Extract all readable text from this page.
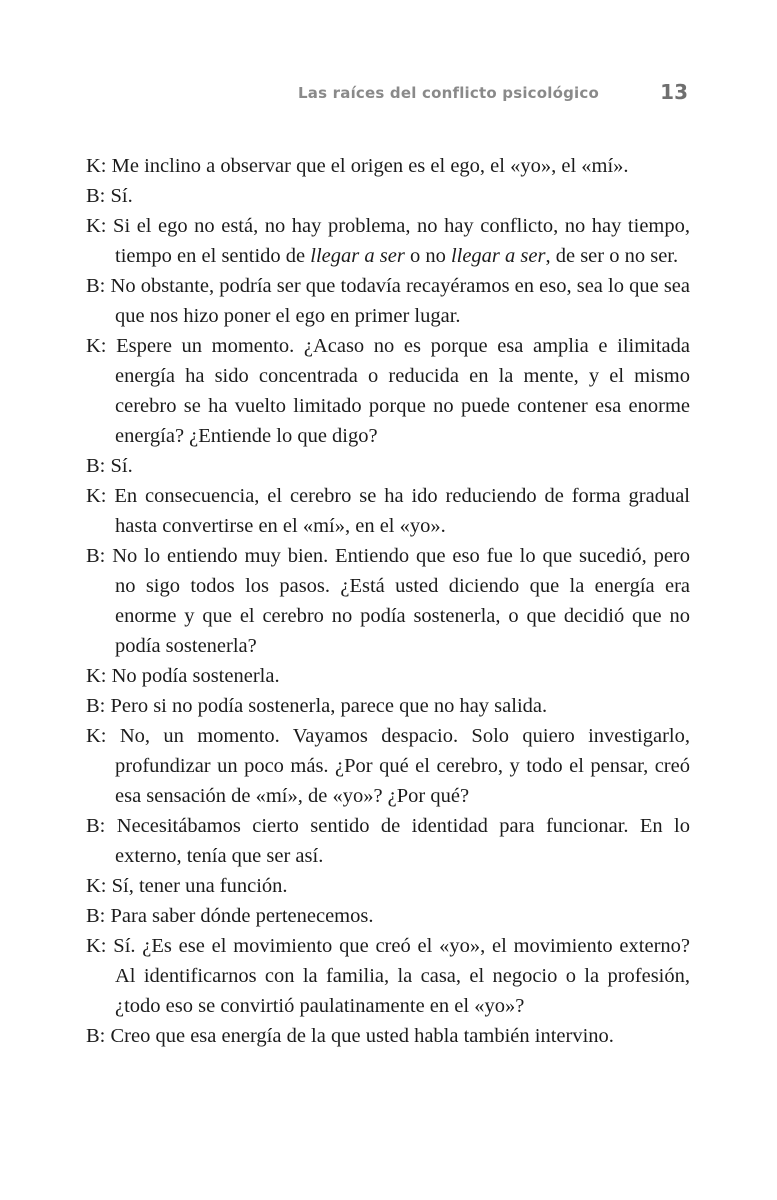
Las raíces del conflicto psicológico	13

K: Me inclino a observar que el origen es el ego, el «yo», el «mí».

B: Sí.

K: Si el ego no está, no hay problema, no hay conflicto, no hay tiempo, tiempo en el sentido de llegar a ser o no llegar a ser, de ser o no ser.

B: No obstante, podría ser que todavía recayéramos en eso, sea lo que sea que nos hizo poner el ego en primer lugar.

K: Espere un momento. ¿Acaso no es porque esa amplia e ilimitada energía ha sido concentrada o reducida en la mente, y el mismo cerebro se ha vuelto limitado porque no puede contener esa enorme energía? ¿Entiende lo que digo?

B: Sí.

K: En consecuencia, el cerebro se ha ido reduciendo de forma gradual hasta convertirse en el «mí», en el «yo».

B: No lo entiendo muy bien. Entiendo que eso fue lo que sucedió, pero no sigo todos los pasos. ¿Está usted diciendo que la energía era enorme y que el cerebro no podía sostenerla, o que decidió que no podía sostenerla?

K: No podía sostenerla.

B: Pero si no podía sostenerla, parece que no hay salida.

K: No, un momento. Vayamos despacio. Solo quiero investigarlo, profundizar un poco más. ¿Por qué el cerebro, y todo el pensar, creó esa sensación de «mí», de «yo»? ¿Por qué?

B: Necesitábamos cierto sentido de identidad para funcionar. En lo externo, tenía que ser así.

K: Sí, tener una función.

B: Para saber dónde pertenecemos.

K: Sí. ¿Es ese el movimiento que creó el «yo», el movimiento externo? Al identificarnos con la familia, la casa, el negocio o la profesión, ¿todo eso se convirtió paulatinamente en el «yo»?

B: Creo que esa energía de la que usted habla también intervino.
